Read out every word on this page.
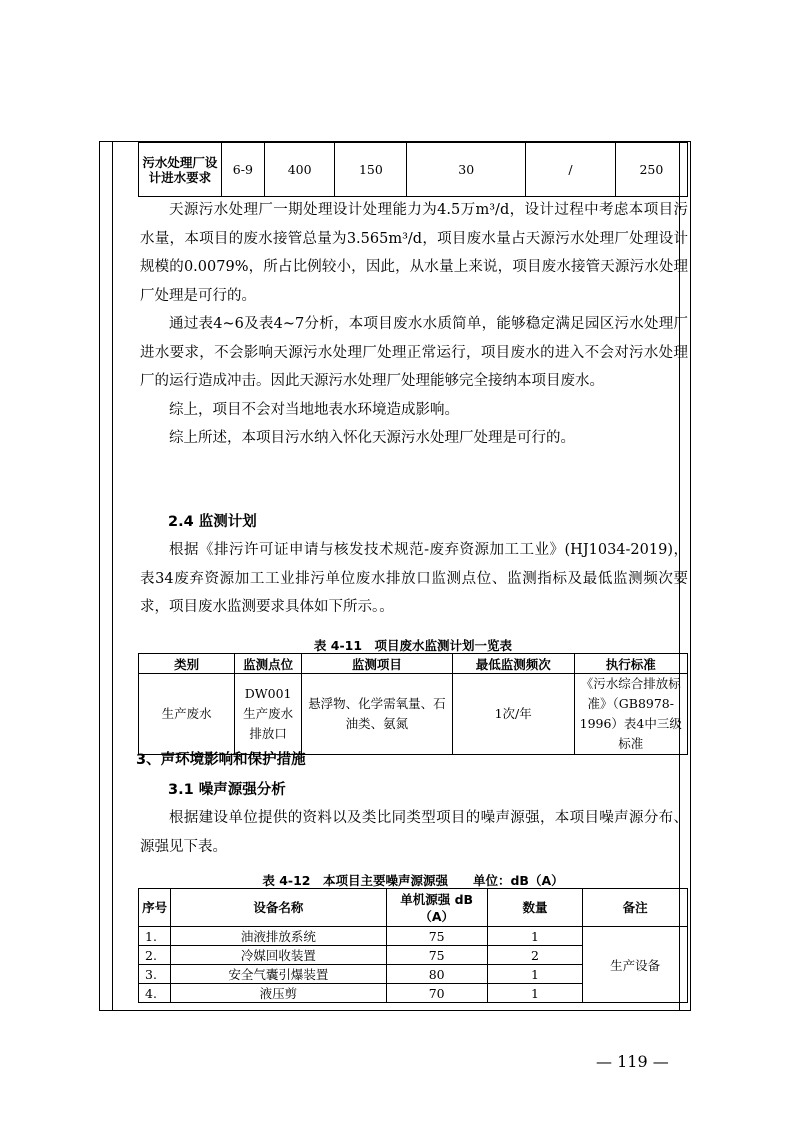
污水处理厂设计进水要求	6-9	400	150	30	/	250

天源污水处理厂一期处理设计处理能力为4.5万m³/d，设计过程中考虑本项目污水量，本项目的废水接管总量为3.565m³/d，项目废水量占天源污水处理厂处理设计规模的0.0079%，所占比例较小，因此，从水量上来说，项目废水接管天源污水处理厂处理是可行的。

通过表4~6及表4~7分析，本项目废水水质简单，能够稳定满足园区污水处理厂进水要求，不会影响天源污水处理厂处理正常运行，项目废水的进入不会对污水处理厂的运行造成冲击。因此天源污水处理厂处理能够完全接纳本项目废水。

综上，项目不会对当地地表水环境造成影响。

综上所述，本项目污水纳入怀化天源污水处理厂处理是可行的。

2.4 监测计划

根据《排污许可证申请与核发技术规范-废弃资源加工工业》(HJ1034-2019)，表34废弃资源加工工业排污单位废水排放口监测点位、监测指标及最低监测频次要求，项目废水监测要求具体如下所示。。

表 4-11　项目废水监测计划一览表
类别	监测点位	监测项目	最低监测频次	执行标准
生产废水	DW001 生产废水排放口	悬浮物、化学需氧量、石油类、氨氮	1次/年	《污水综合排放标准》（GB8978-1996）表4中三级标准
3、声环境影响和保护措施
3.1 噪声源强分析

根据建设单位提供的资料以及类比同类型项目的噪声源强，本项目噪声源分布、源强见下表。

表 4-12　本项目主要噪声源源强　　单位：dB（A）
序号	设备名称	单机源强 dB（A）	数量	备注
1.	油液排放系统	75	1	生产设备
2.	冷媒回收装置	75	2	
3.	安全气囊引爆装置	80	1	
4.	液压剪	70	1	
— 119 —
